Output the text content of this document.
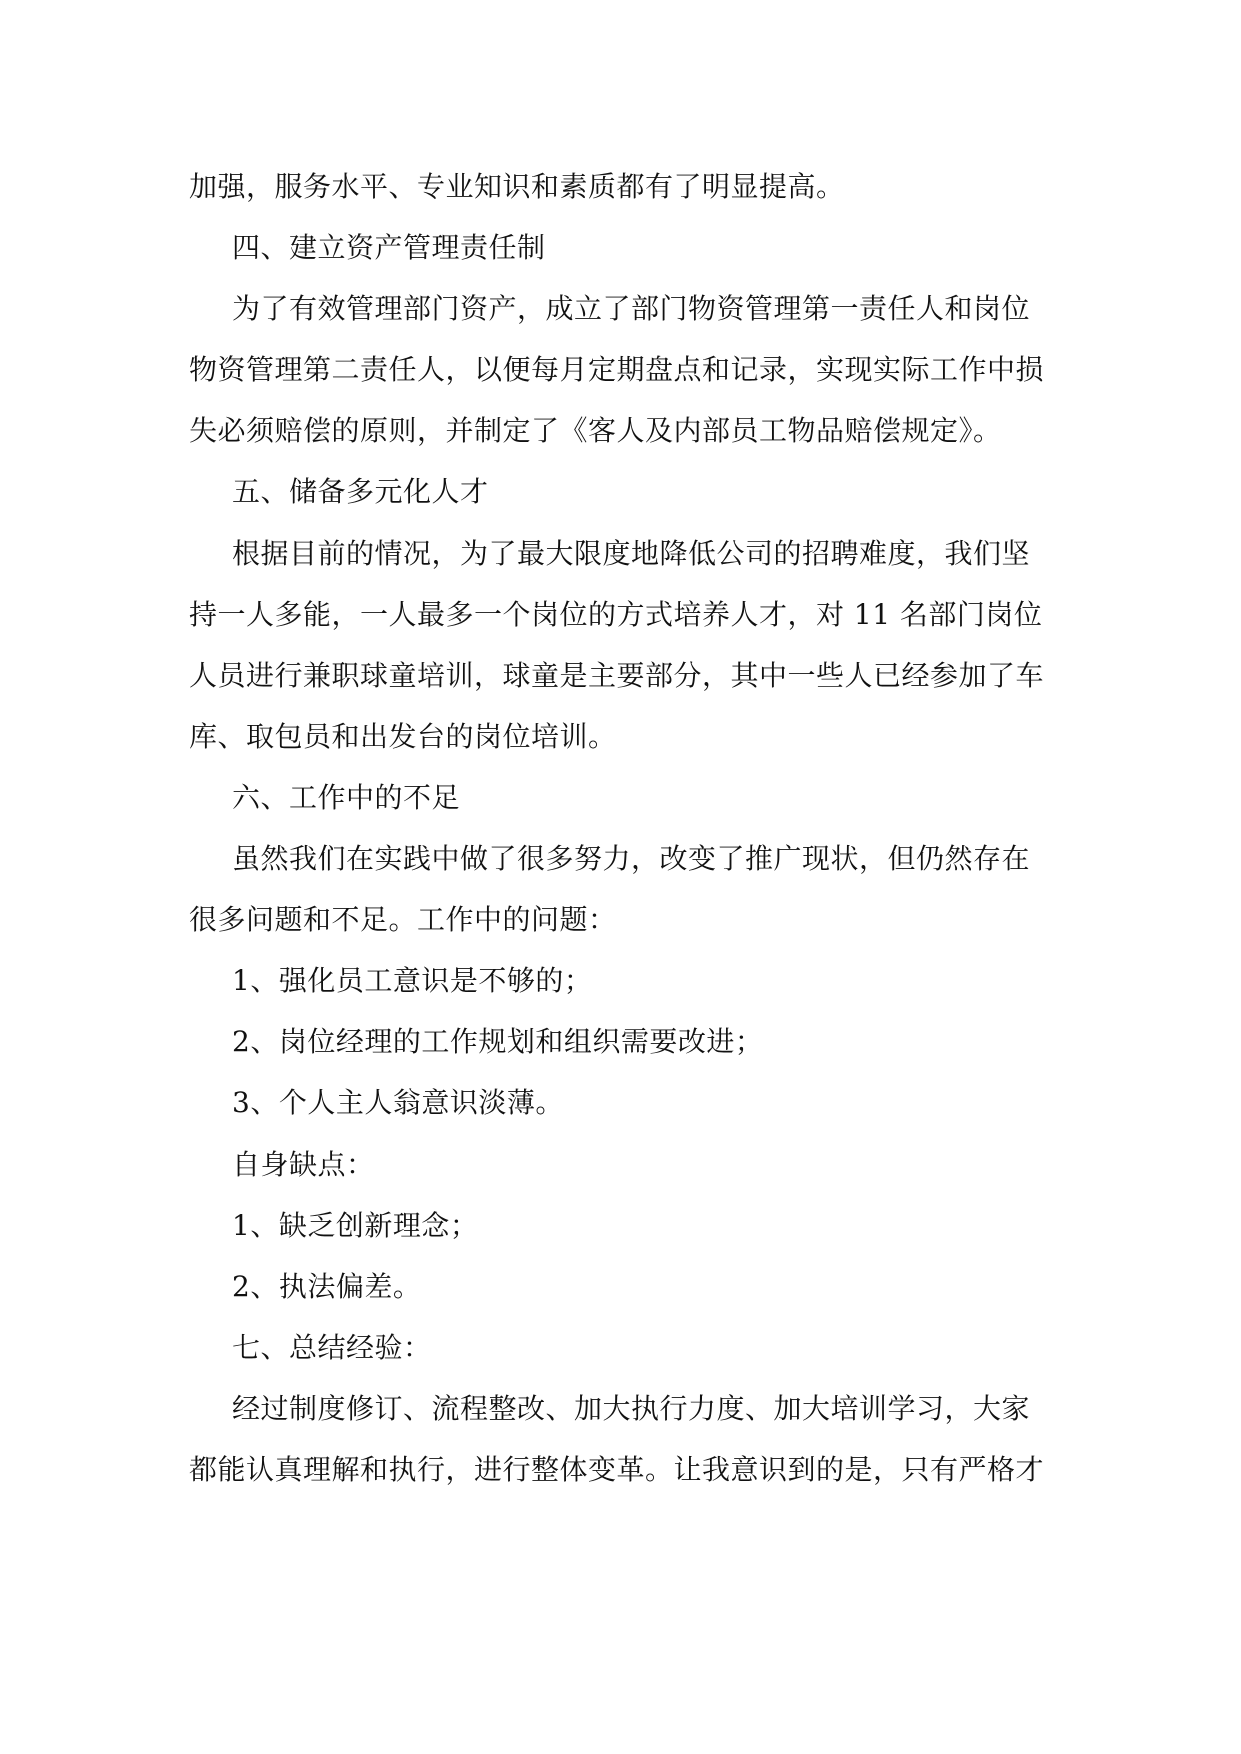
加强，服务水平、专业知识和素质都有了明显提高。
四、建立资产管理责任制
为了有效管理部门资产，成立了部门物资管理第一责任人和岗位
物资管理第二责任人，以便每月定期盘点和记录，实现实际工作中损
失必须赔偿的原则，并制定了《客人及内部员工物品赔偿规定》。
五、储备多元化人才
根据目前的情况，为了最大限度地降低公司的招聘难度，我们坚
持一人多能，一人最多一个岗位的方式培养人才，对 11 名部门岗位
人员进行兼职球童培训，球童是主要部分，其中一些人已经参加了车
库、取包员和出发台的岗位培训。
六、工作中的不足
虽然我们在实践中做了很多努力，改变了推广现状，但仍然存在
很多问题和不足。工作中的问题：
1、强化员工意识是不够的；
2、岗位经理的工作规划和组织需要改进；
3、个人主人翁意识淡薄。
自身缺点：
1、缺乏创新理念；
2、执法偏差。
七、总结经验：
经过制度修订、流程整改、加大执行力度、加大培训学习，大家
都能认真理解和执行，进行整体变革。让我意识到的是，只有严格才
